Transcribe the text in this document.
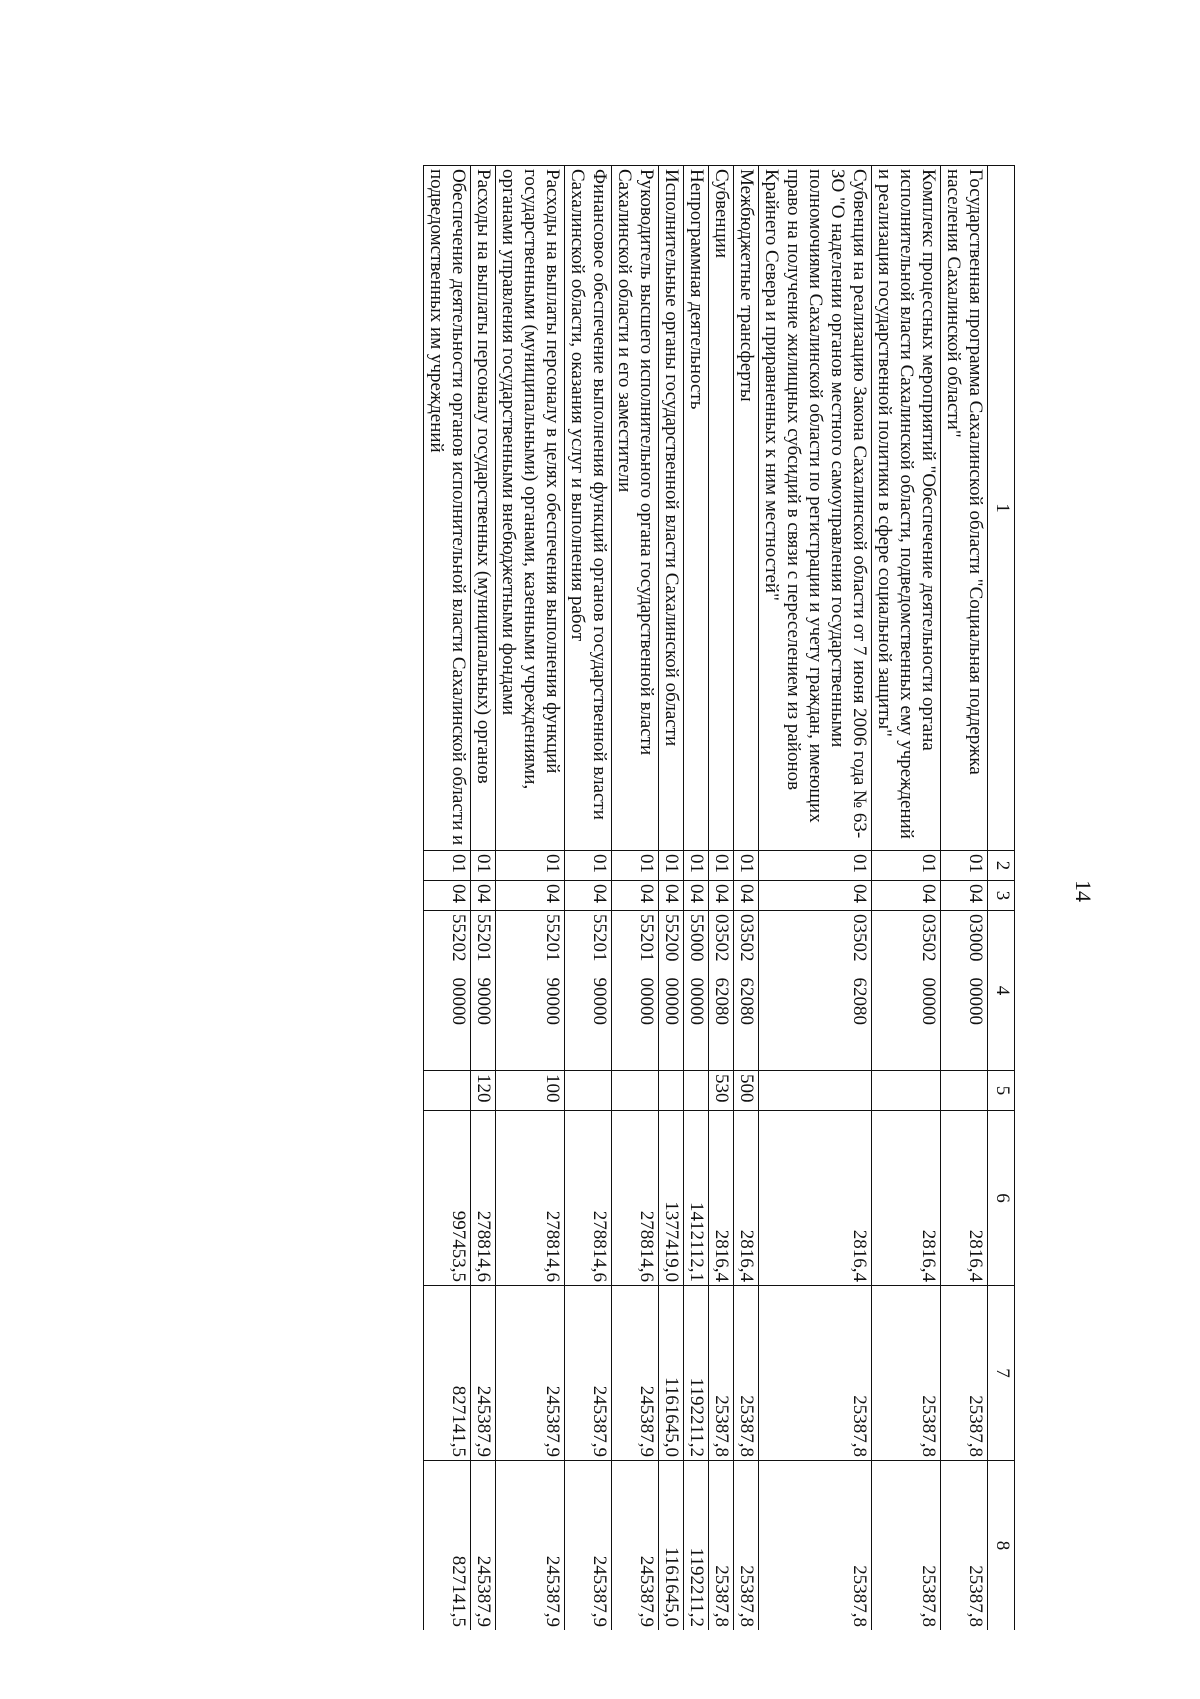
14
1	2	3	4	5	6	7	8
Государственная программа Сахалинской области "Социальная поддержка населения Сахалинской области"	01	04	0300000000		2816,4	25387,8	25387,8
Комплекс процессных мероприятий "Обеспечение деятельности органа исполнительной власти Сахалинской области, подведомственных ему учреждений и реализация государственной политики в сфере социальной защиты"	01	04	0350200000		2816,4	25387,8	25387,8
Субвенция на реализацию Закона Сахалинской области от 7 июня 2006 года № 63-ЗО "О наделении органов местного самоуправления государственными полномочиями Сахалинской области по регистрации и учету граждан, имеющих право на получение жилищных субсидий в связи с переселением из районов Крайнего Севера и приравненных к ним местностей"	01	04	0350262080		2816,4	25387,8	25387,8
Межбюджетные трансферты	01	04	0350262080	500	2816,4	25387,8	25387,8
Субвенции	01	04	0350262080	530	2816,4	25387,8	25387,8
Непрограммная деятельность	01	04	5500000000		1412112,1	1192211,2	1192211,2
Исполнительные органы государственной власти Сахалинской области	01	04	5520000000		1377419,0	1161645,0	1161645,0
Руководитель высшего исполнительного органа государственной власти Сахалинской области и его заместители	01	04	5520100000		278814,6	245387,9	245387,9
Финансовое обеспечение выполнения функций органов государственной власти Сахалинской области, оказания услуг и выполнения работ	01	04	5520190000		278814,6	245387,9	245387,9
Расходы на выплаты персоналу в целях обеспечения выполнения функций государственными (муниципальными) органами, казенными учреждениями, органами управления государственными внебюджетными фондами	01	04	5520190000	100	278814,6	245387,9	245387,9
Расходы на выплаты персоналу государственных (муниципальных) органов	01	04	5520190000	120	278814,6	245387,9	245387,9
Обеспечение деятельности органов исполнительной власти Сахалинской области и подведомственных им учреждений	01	04	5520200000		997453,5	827141,5	827141,5
